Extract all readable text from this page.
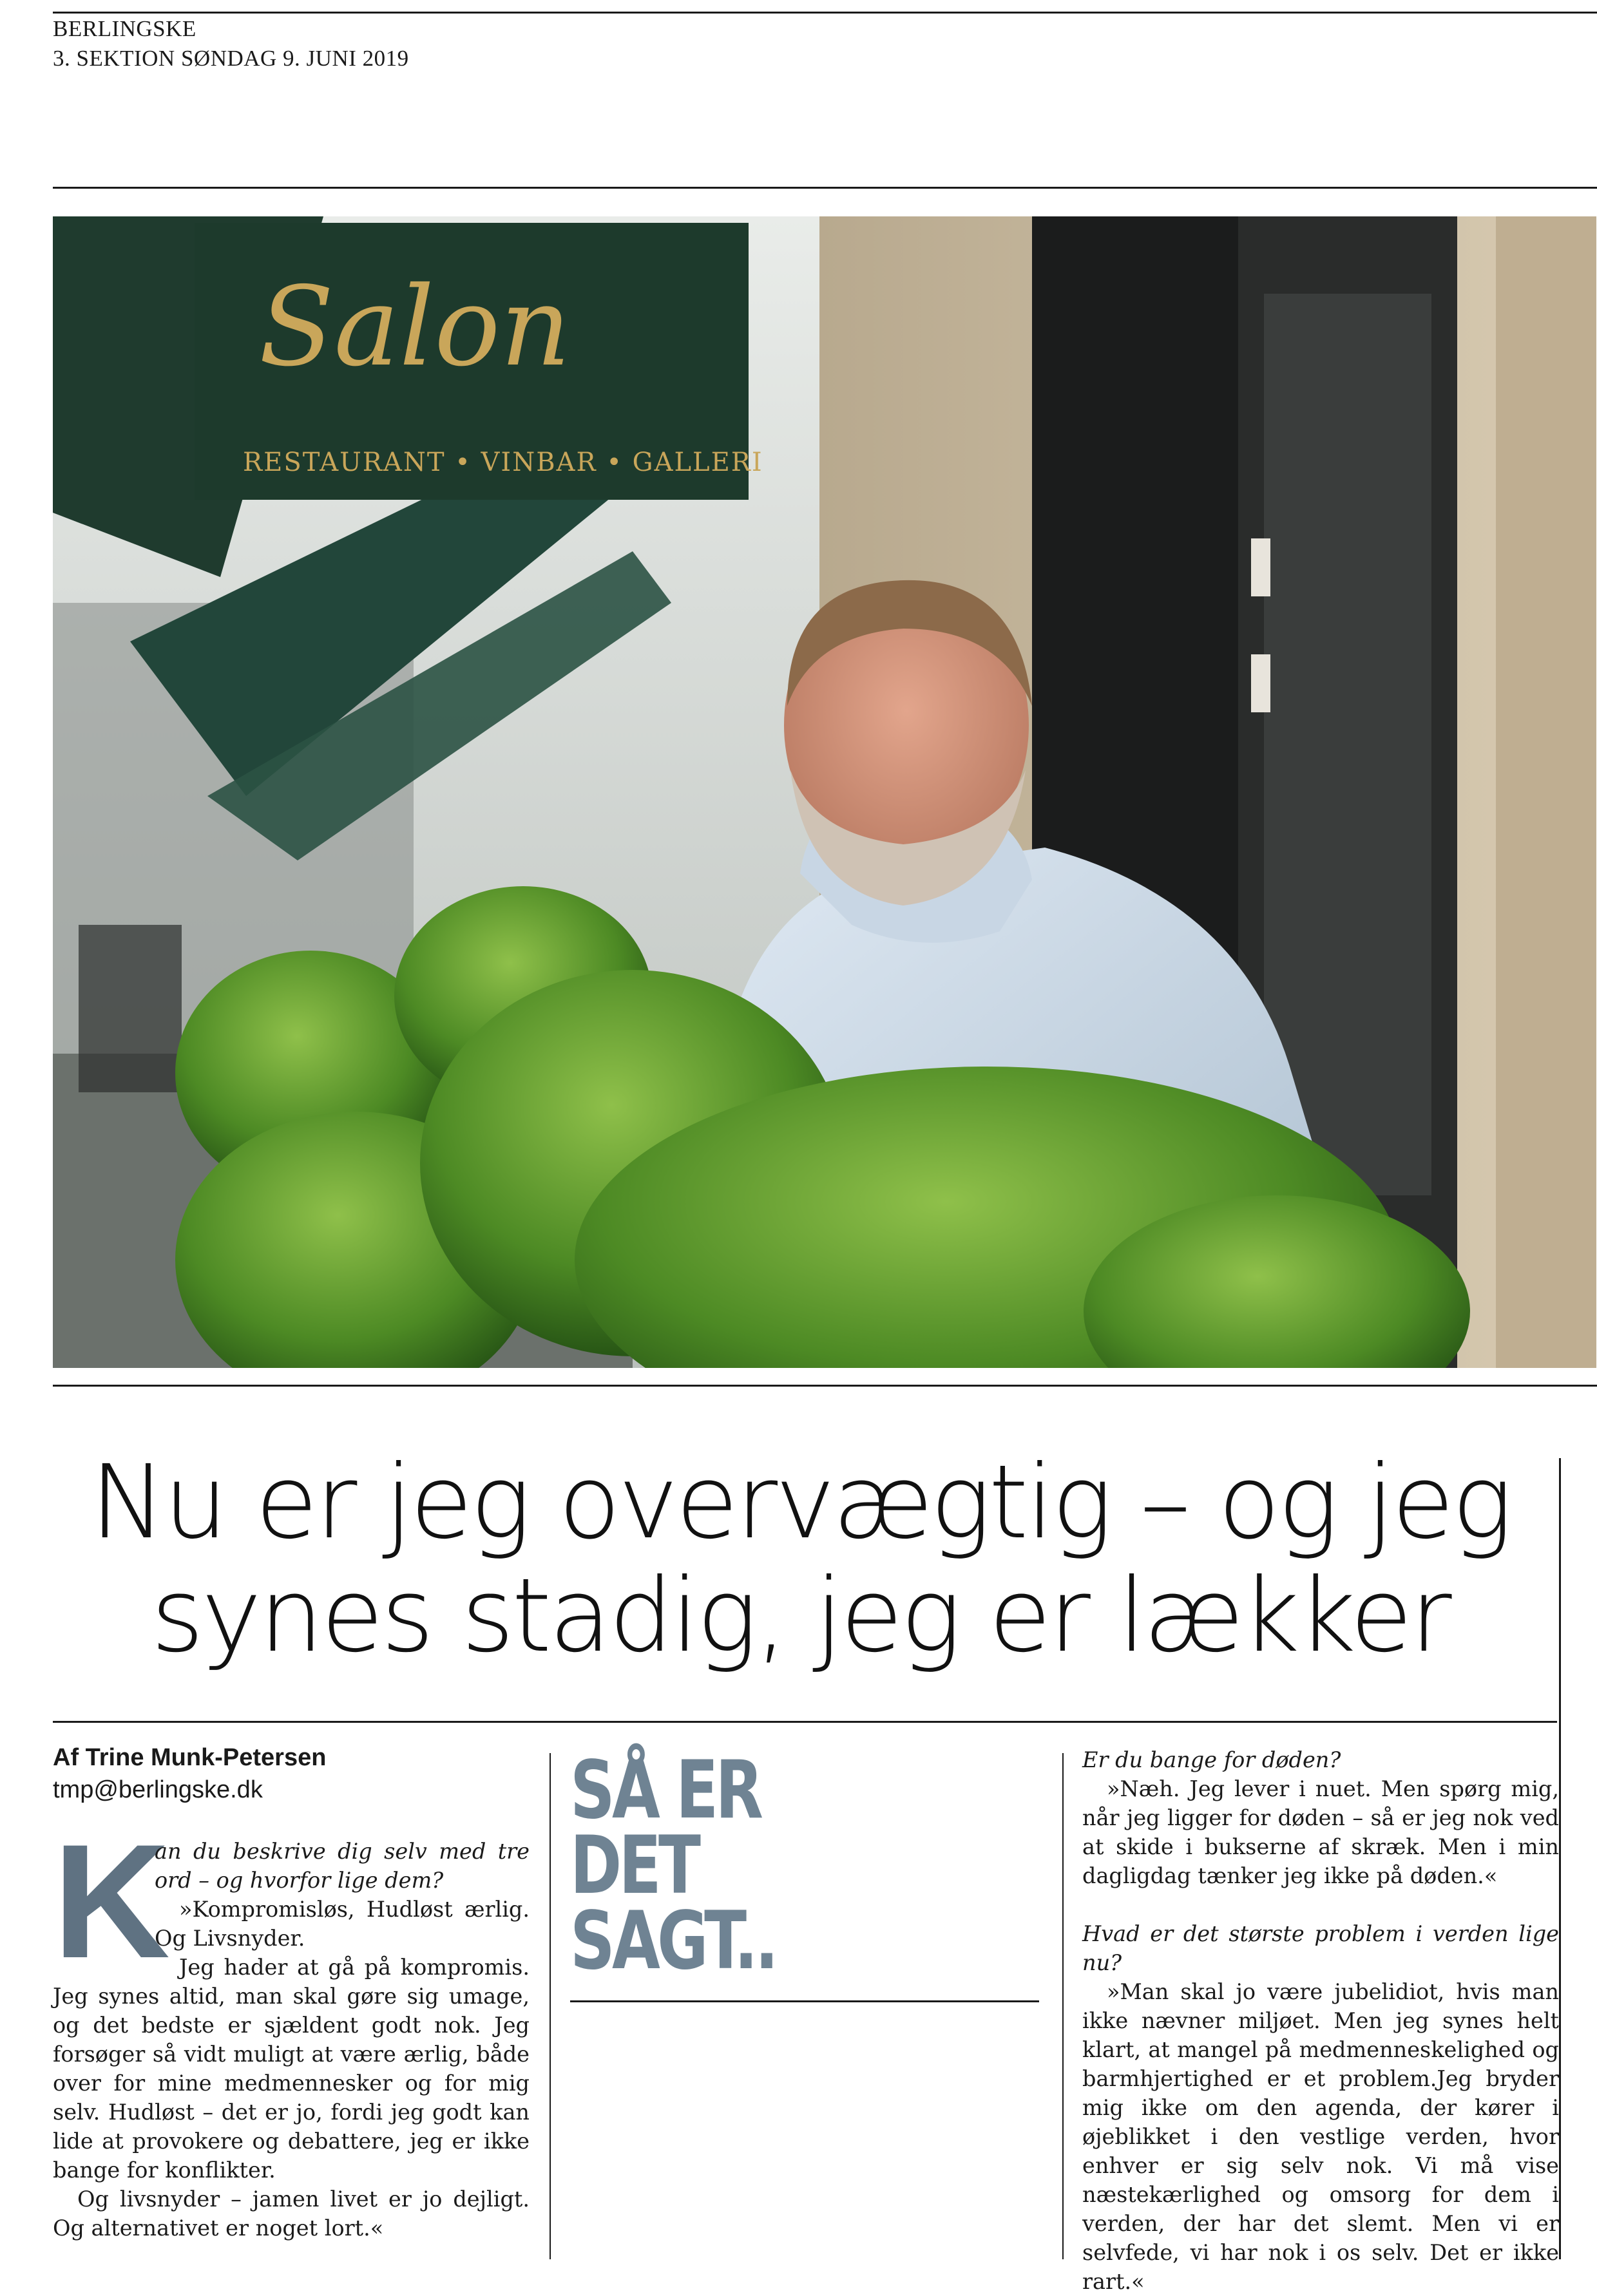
BERLINGSKE
3. SEKTION SØNDAG 9. JUNI 2019
Salon
RESTAURANT • VINBAR • GALLERI
Nu er jeg overvægtig – og jeg
synes stadig, jeg er lækker
Af Trine Munk-Petersen
tmp@berlingske.dk
K

an du beskrive dig selv med tre ord – og hvorfor lige dem?

»Kompromisløs, Hudløst ærlig. Og Livsnyder.

Jeg hader at gå på kompromis. Jeg synes altid, man skal gøre sig umage, og det bedste er sjældent godt nok. Jeg forsøger så vidt muligt at være ærlig, både over for mine medmennesker og for mig selv. Hudløst – det er jo, fordi jeg godt kan lide at provokere og debattere, jeg er ikke bange for konflikter.

Og livsnyder – jamen livet er jo dejligt. Og alternativet er noget lort.«

SÅ ER
DET
SAGT..

Er du bange for døden?

»Næh. Jeg lever i nuet. Men spørg mig, når jeg ligger for døden – så er jeg nok ved at skide i bukserne af skræk. Men i min dagligdag tænker jeg ikke på døden.«

Hvad er det største problem i verden lige nu?

»Man skal jo være jubelidiot, hvis man ikke nævner miljøet. Men jeg synes helt klart, at mangel på medmenneskelighed og barmhjertighed er et problem.Jeg bryder mig ikke om den agenda, der kører i øjeblikket i den vestlige verden, hvor enhver er sig selv nok. Vi må vise næstekærlighed og omsorg for dem i verden, der har det slemt. Men vi er selvfede, vi har nok i os selv. Det er ikke rart.«
